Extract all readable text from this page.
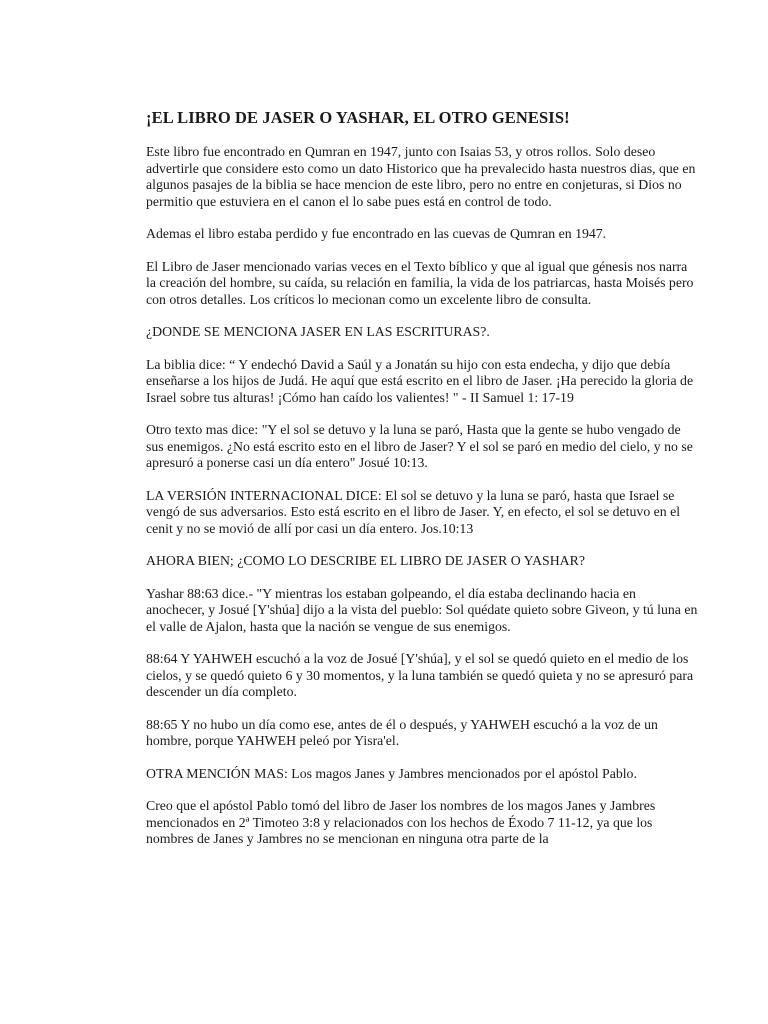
¡EL LIBRO DE JASER O YASHAR, EL OTRO GENESIS!

Este libro fue encontrado en Qumran en 1947, junto con Isaias 53, y otros rollos. Solo deseo advertirle que considere esto como un dato Historico que ha prevalecido hasta nuestros dias, que en algunos pasajes de la biblia se hace mencion de este libro, pero no entre en conjeturas, si Dios no permitio que estuviera en el canon el lo sabe pues está en control de todo.

Ademas el libro estaba perdido y fue encontrado en las cuevas de Qumran en 1947.

El Libro de Jaser mencionado varias veces en el Texto bíblico y que al igual que génesis nos narra la creación del hombre, su caída, su relación en familia, la vida de los patriarcas, hasta Moisés pero con otros detalles. Los críticos lo mecionan como un excelente libro de consulta.

¿DONDE SE MENCIONA JASER EN LAS ESCRITURAS?.

La biblia dice: “ Y endechó David a Saúl y a Jonatán su hijo con esta endecha, y dijo que debía enseñarse a los hijos de Judá. He aquí que está escrito en el libro de Jaser. ¡Ha perecido la gloria de Israel sobre tus alturas! ¡Cómo han caído los valientes! " - II Samuel 1: 17-19

Otro texto mas dice: "Y el sol se detuvo y la luna se paró, Hasta que la gente se hubo vengado de sus enemigos. ¿No está escrito esto en el libro de Jaser? Y el sol se paró en medio del cielo, y no se apresuró a ponerse casi un día entero" Josué 10:13.

LA VERSIÓN INTERNACIONAL DICE: El sol se detuvo y la luna se paró, hasta que Israel se vengó de sus adversarios. Esto está escrito en el libro de Jaser. Y, en efecto, el sol se detuvo en el cenit y no se movió de allí por casi un día entero. Jos.10:13

AHORA BIEN; ¿COMO LO DESCRIBE EL LIBRO DE JASER O YASHAR?

Yashar 88:63 dice.- "Y mientras los estaban golpeando, el día estaba declinando hacia en anochecer, y Josué [Y'shúa] dijo a la vista del pueblo: Sol quédate quieto sobre Giveon, y tú luna en el valle de Ajalon, hasta que la nación se vengue de sus enemigos.

88:64 Y YAHWEH escuchó a la voz de Josué [Y'shúa], y el sol se quedó quieto en el medio de los cielos, y se quedó quieto 6 y 30 momentos, y la luna también se quedó quieta y no se apresuró para descender un día completo.

88:65 Y no hubo un día como ese, antes de él o después, y YAHWEH escuchó a la voz de un hombre, porque YAHWEH peleó por Yisra'el.

OTRA MENCIÓN MAS: Los magos Janes y Jambres mencionados por el apóstol Pablo.

Creo que el apóstol Pablo tomó del libro de Jaser los nombres de los magos Janes y Jambres mencionados en 2ª Timoteo 3:8 y relacionados con los hechos de Éxodo 7 11-12, ya que los nombres de Janes y Jambres no se mencionan en ninguna otra parte de la
